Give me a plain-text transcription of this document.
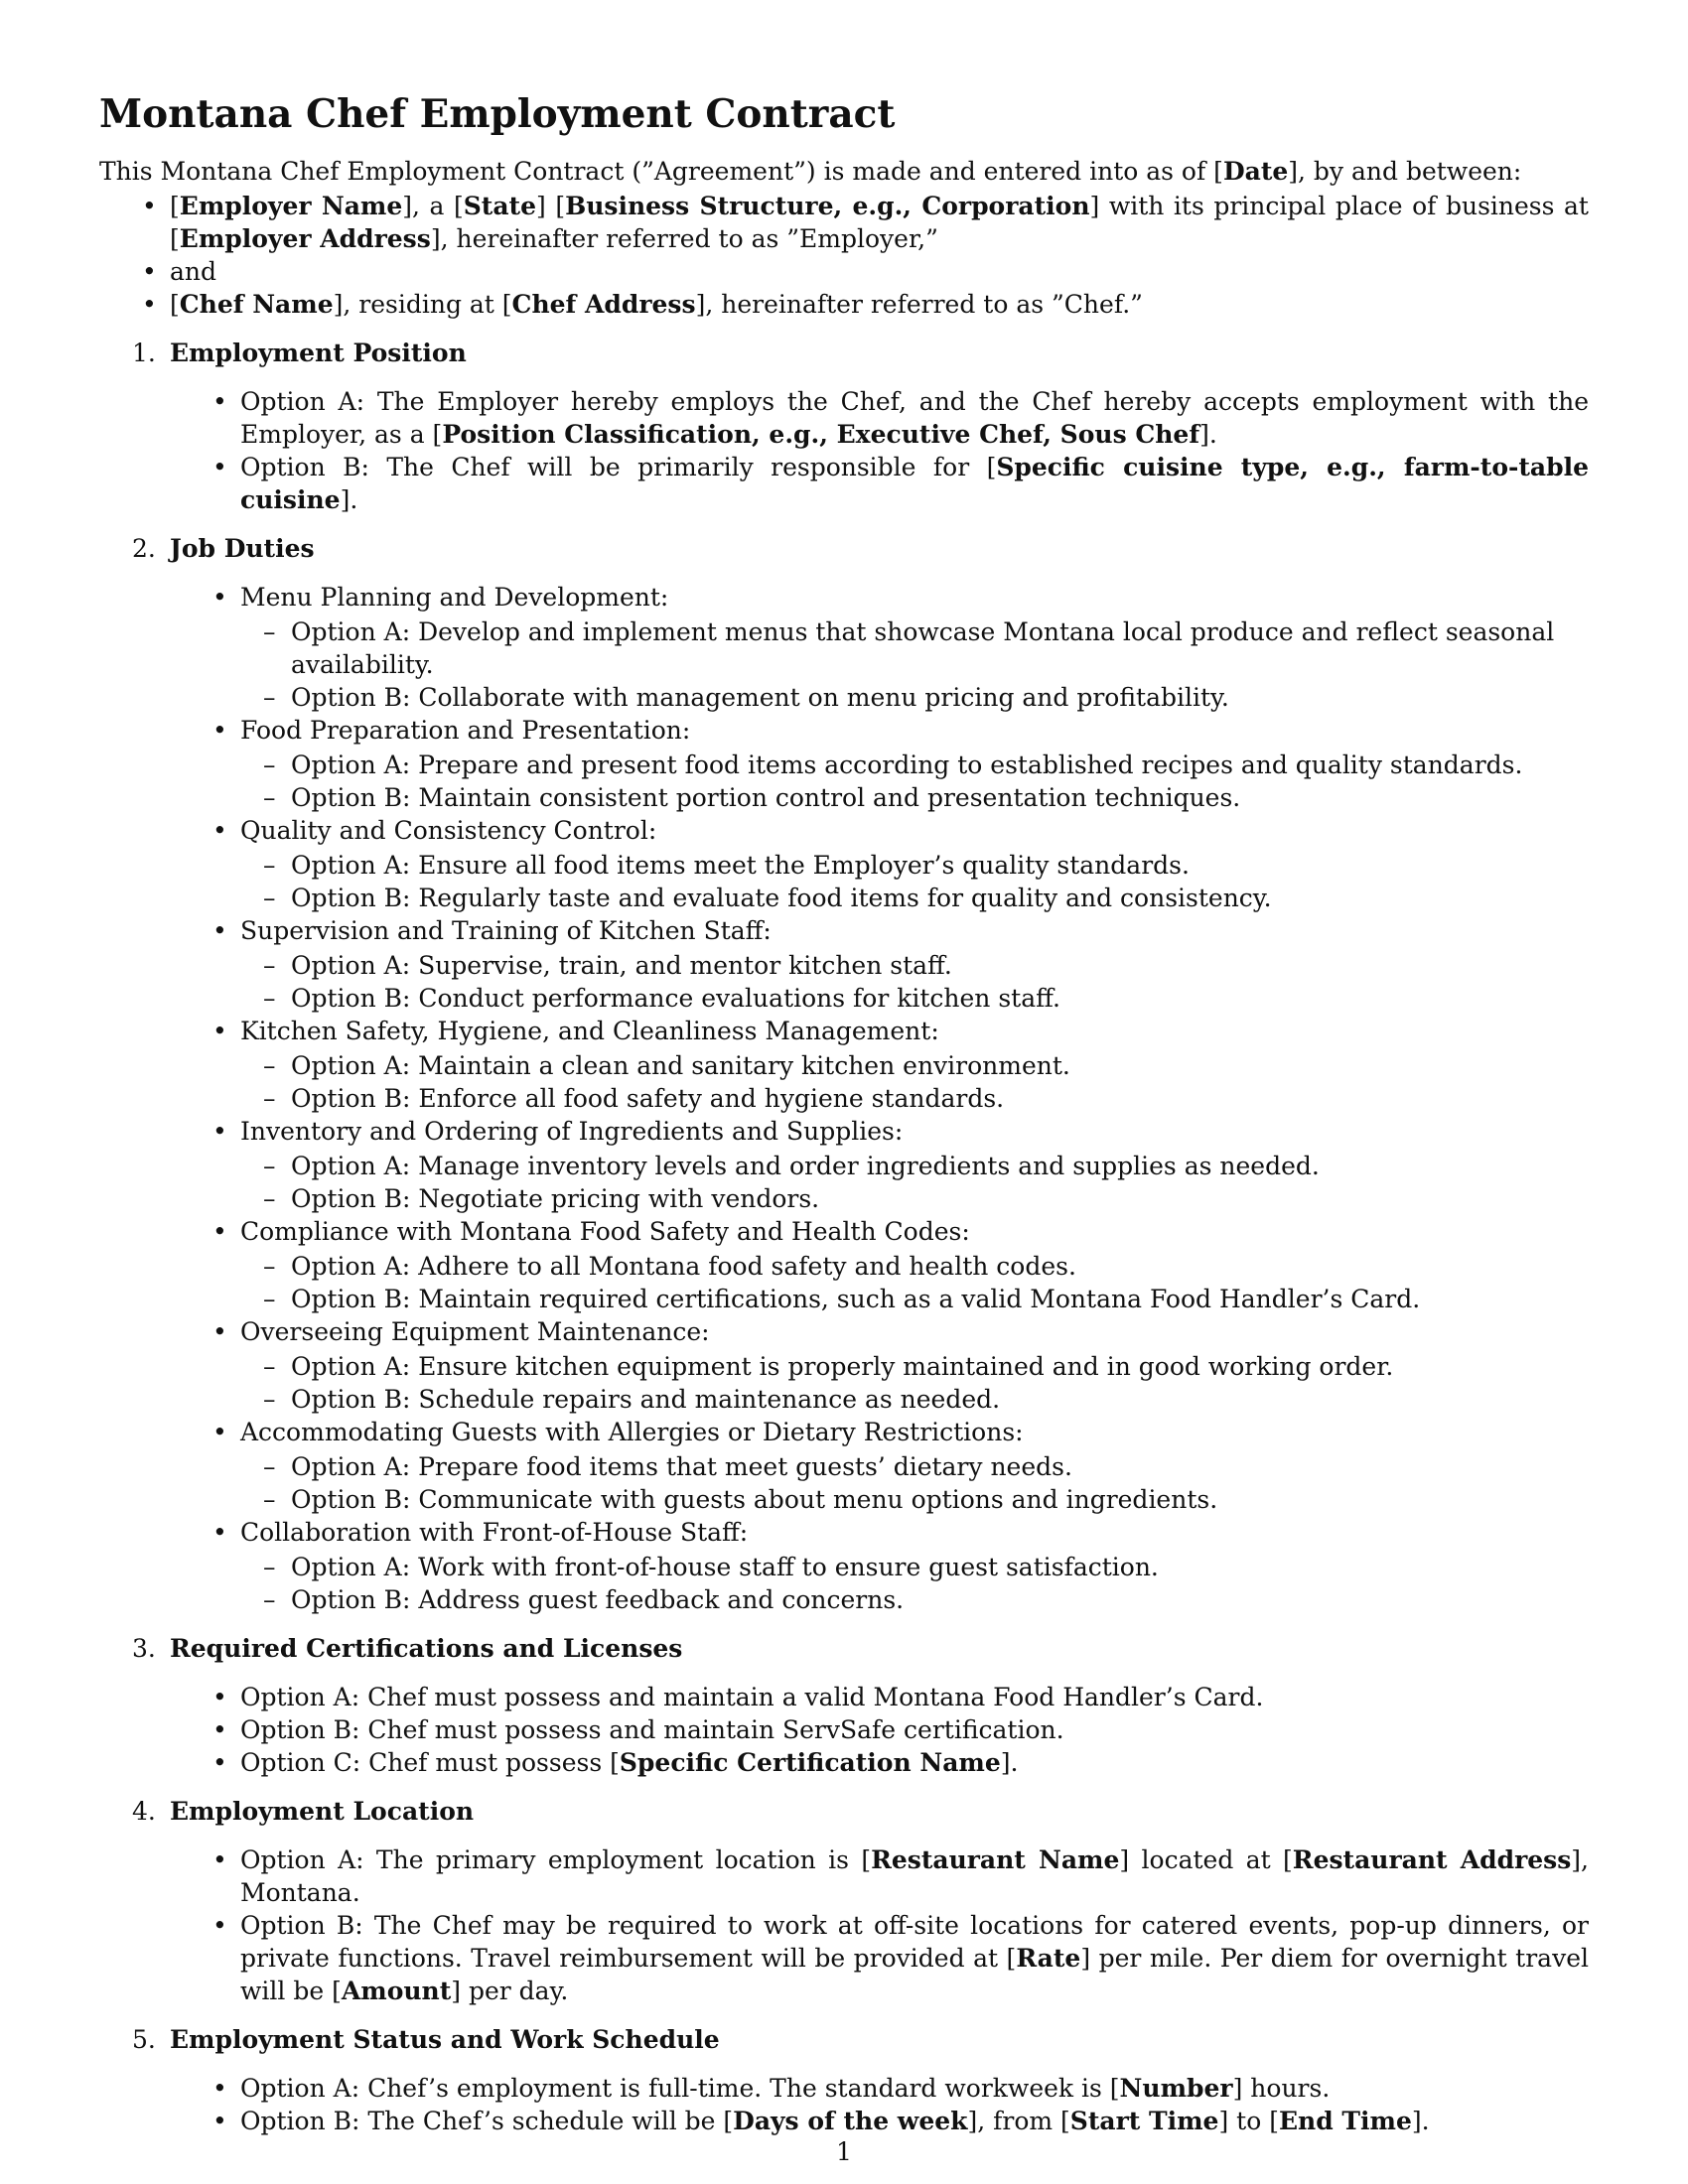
Montana Chef Employment Contract

This Montana Chef Employment Contract (”Agreement”) is made and entered into as of [Date], by and between:

• [Employer Name], a [State] [Business Structure, e.g., Corporation] with its principal place of business at [Employer Address], hereinafter referred to as ”Employer,”
• and
• [Chef Name], residing at [Chef Address], hereinafter referred to as ”Chef.”
1. Employment Position
• Option A: The Employer hereby employs the Chef, and the Chef hereby accepts employment with the Employer, as a [Position Classification, e.g., Executive Chef, Sous Chef].
• Option B: The Chef will be primarily responsible for [Specific cuisine type, e.g., farm-to-table cuisine].
2. Job Duties
• Menu Planning and Development:
– Option A: Develop and implement menus that showcase Montana local produce and reflect seasonal availability.
– Option B: Collaborate with management on menu pricing and profitability.
• Food Preparation and Presentation:
– Option A: Prepare and present food items according to established recipes and quality standards.
– Option B: Maintain consistent portion control and presentation techniques.
• Quality and Consistency Control:
– Option A: Ensure all food items meet the Employer’s quality standards.
– Option B: Regularly taste and evaluate food items for quality and consistency.
• Supervision and Training of Kitchen Staff:
– Option A: Supervise, train, and mentor kitchen staff.
– Option B: Conduct performance evaluations for kitchen staff.
• Kitchen Safety, Hygiene, and Cleanliness Management:
– Option A: Maintain a clean and sanitary kitchen environment.
– Option B: Enforce all food safety and hygiene standards.
• Inventory and Ordering of Ingredients and Supplies:
– Option A: Manage inventory levels and order ingredients and supplies as needed.
– Option B: Negotiate pricing with vendors.
• Compliance with Montana Food Safety and Health Codes:
– Option A: Adhere to all Montana food safety and health codes.
– Option B: Maintain required certifications, such as a valid Montana Food Handler’s Card.
• Overseeing Equipment Maintenance:
– Option A: Ensure kitchen equipment is properly maintained and in good working order.
– Option B: Schedule repairs and maintenance as needed.
• Accommodating Guests with Allergies or Dietary Restrictions:
– Option A: Prepare food items that meet guests’ dietary needs.
– Option B: Communicate with guests about menu options and ingredients.
• Collaboration with Front-of-House Staff:
– Option A: Work with front-of-house staff to ensure guest satisfaction.
– Option B: Address guest feedback and concerns.
3. Required Certifications and Licenses
• Option A: Chef must possess and maintain a valid Montana Food Handler’s Card.
• Option B: Chef must possess and maintain ServSafe certification.
• Option C: Chef must possess [Specific Certification Name].
4. Employment Location
• Option A: The primary employment location is [Restaurant Name] located at [Restaurant Address], Montana.
• Option B: The Chef may be required to work at off-site locations for catered events, pop-up dinners, or private functions. Travel reimbursement will be provided at [Rate] per mile. Per diem for overnight travel will be [Amount] per day.
5. Employment Status and Work Schedule
• Option A: Chef’s employment is full-time. The standard workweek is [Number] hours.
• Option B: The Chef’s schedule will be [Days of the week], from [Start Time] to [End Time].
1
